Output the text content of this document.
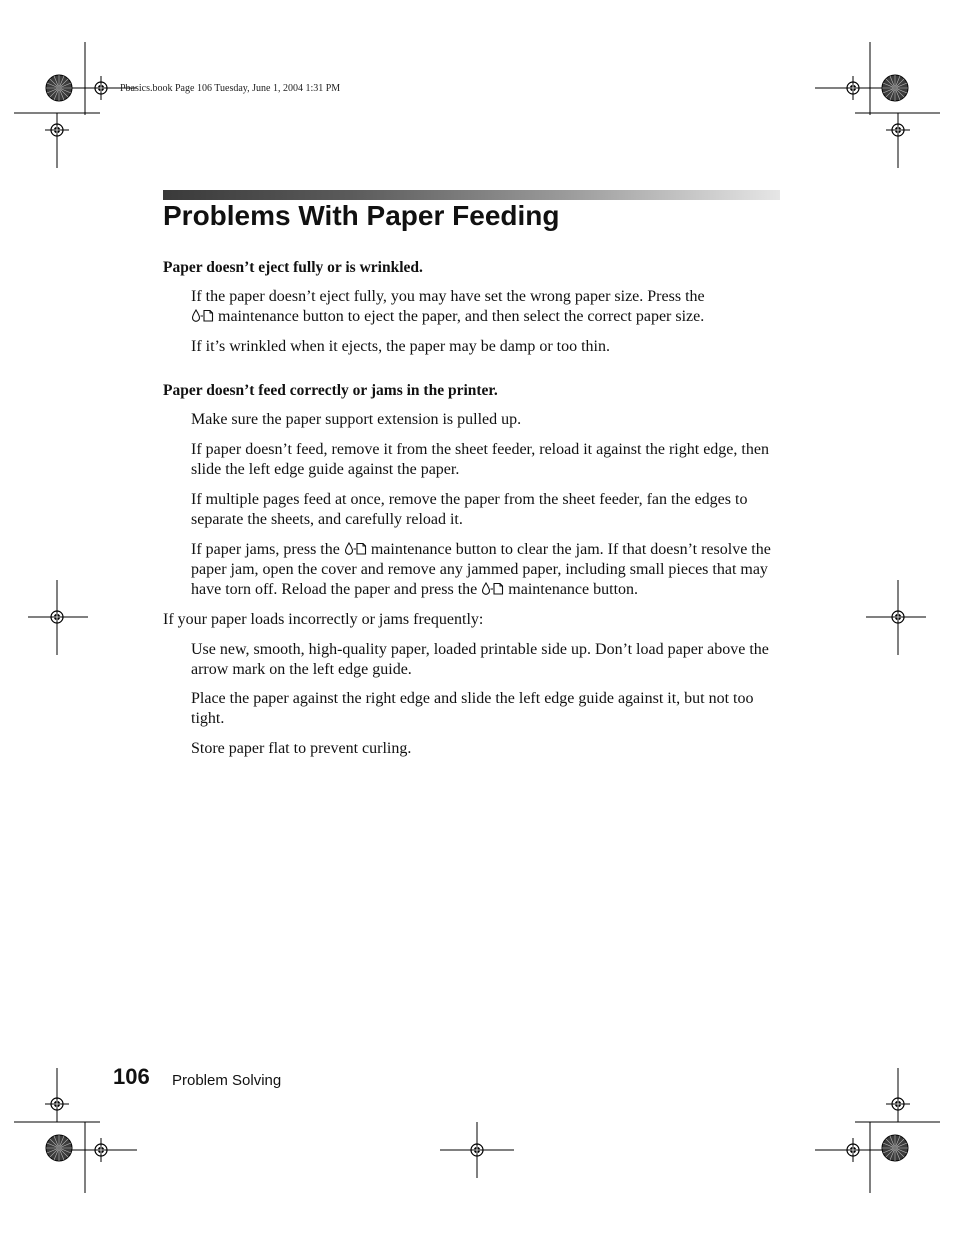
Pbasics.book Page 106 Tuesday, June 1, 2004 1:31 PM
Problems With Paper Feeding

Paper doesn’t eject fully or is wrinkled.

If the paper doesn’t eject fully, you may have set the wrong paper size. Press the

maintenance button to eject the paper, and then select the correct paper size.

If it’s wrinkled when it ejects, the paper may be damp or too thin.

Paper doesn’t feed correctly or jams in the printer.

Make sure the paper support extension is pulled up.

If paper doesn’t feed, remove it from the sheet feeder, reload it against the right edge, then slide the left edge guide against the paper.

If multiple pages feed at once, remove the paper from the sheet feeder, fan the edges to separate the sheets, and carefully reload it.

If paper jams, press the maintenance button to clear the jam. If that doesn’t resolve the paper jam, open the cover and remove any jammed paper, including small pieces that may have torn off. Reload the paper and press the maintenance button.

If your paper loads incorrectly or jams frequently:

Use new, smooth, high-quality paper, loaded printable side up. Don’t load paper above the arrow mark on the left edge guide.

Place the paper against the right edge and slide the left edge guide against it, but not too tight.

Store paper flat to prevent curling.

106 Problem Solving
